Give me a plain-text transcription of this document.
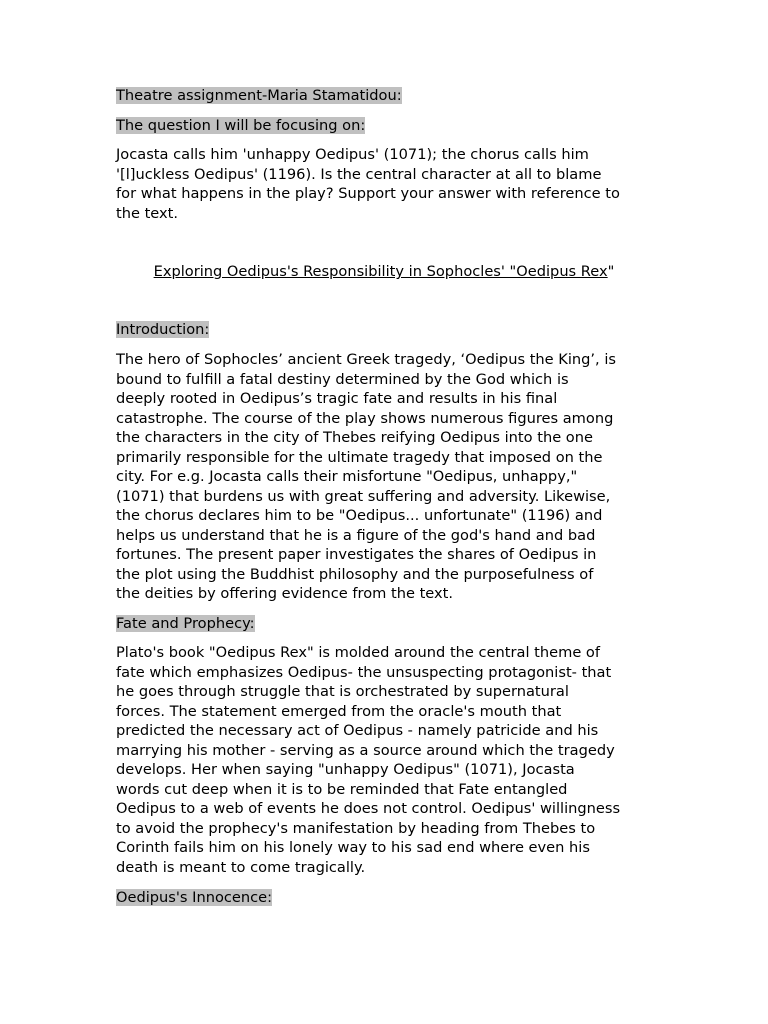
Theatre assignment-Maria Stamatidou:
The question I will be focusing on:
Jocasta calls him 'unhappy Oedipus' (1071); the chorus calls him
'[l]uckless Oedipus' (1196). Is the central character at all to blame
for what happens in the play? Support your answer with reference to
the text.
Exploring Oedipus's Responsibility in Sophocles' "Oedipus Rex"
Introduction:
The hero of Sophocles’ ancient Greek tragedy, ‘Oedipus the King’, is
bound to fulfill a fatal destiny determined by the God which is
deeply rooted in Oedipus’s tragic fate and results in his final
catastrophe. The course of the play shows numerous figures among
the characters in the city of Thebes reifying Oedipus into the one
primarily responsible for the ultimate tragedy that imposed on the
city. For e.g. Jocasta calls their misfortune "Oedipus, unhappy,"
(1071) that burdens us with great suffering and adversity. Likewise,
the chorus declares him to be "Oedipus... unfortunate" (1196) and
helps us understand that he is a figure of the god's hand and bad
fortunes. The present paper investigates the shares of Oedipus in
the plot using the Buddhist philosophy and the purposefulness of
the deities by offering evidence from the text.
Fate and Prophecy:
Plato's book "Oedipus Rex" is molded around the central theme of
fate which emphasizes Oedipus- the unsuspecting protagonist- that
he goes through struggle that is orchestrated by supernatural
forces. The statement emerged from the oracle's mouth that
predicted the necessary act of Oedipus - namely patricide and his
marrying his mother - serving as a source around which the tragedy
develops. Her when saying "unhappy Oedipus" (1071), Jocasta
words cut deep when it is to be reminded that Fate entangled
Oedipus to a web of events he does not control. Oedipus' willingness
to avoid the prophecy's manifestation by heading from Thebes to
Corinth fails him on his lonely way to his sad end where even his
death is meant to come tragically.
Oedipus's Innocence:
